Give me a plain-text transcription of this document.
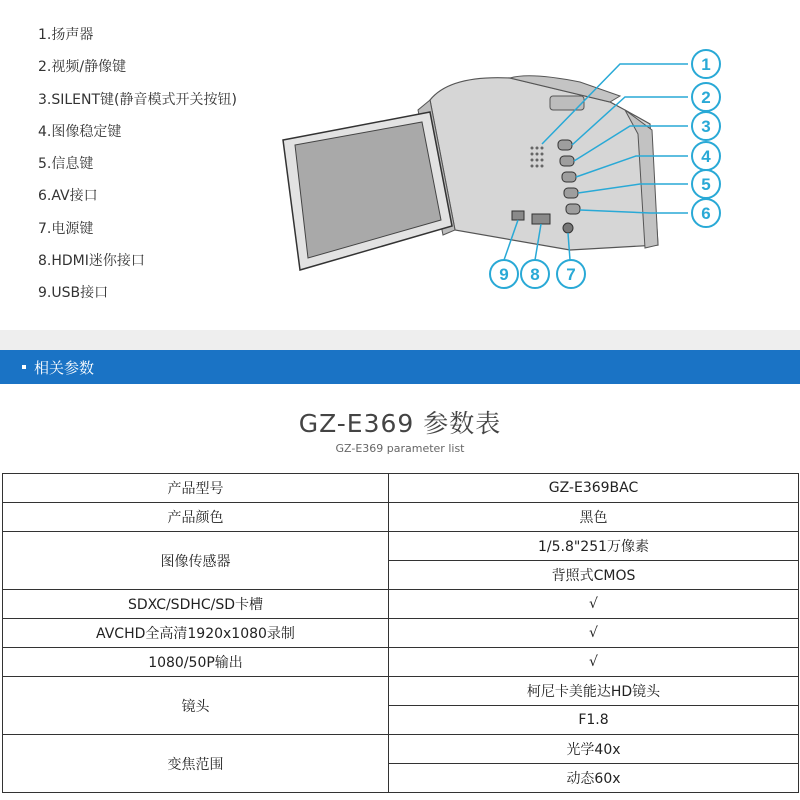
1.扬声器
2.视频/静像键
3.SILENT键(静音模式开关按钮)
4.图像稳定键
5.信息键
6.AV接口
7.电源键
8.HDMI迷你接口
9.USB接口
1
2
3
4
5
6
7
8
9
相关参数
GZ-E369 参数表
GZ-E369 parameter list
产品型号	GZ-E369BAC
产品颜色	黑色
图像传感器	1/5.8"251万像素
	背照式CMOS
SDXC/SDHC/SD卡槽	√
AVCHD全高清1920x1080录制	√
1080/50P输出	√
镜头	柯尼卡美能达HD镜头
	F1.8
变焦范围	光学40x
	动态60x
